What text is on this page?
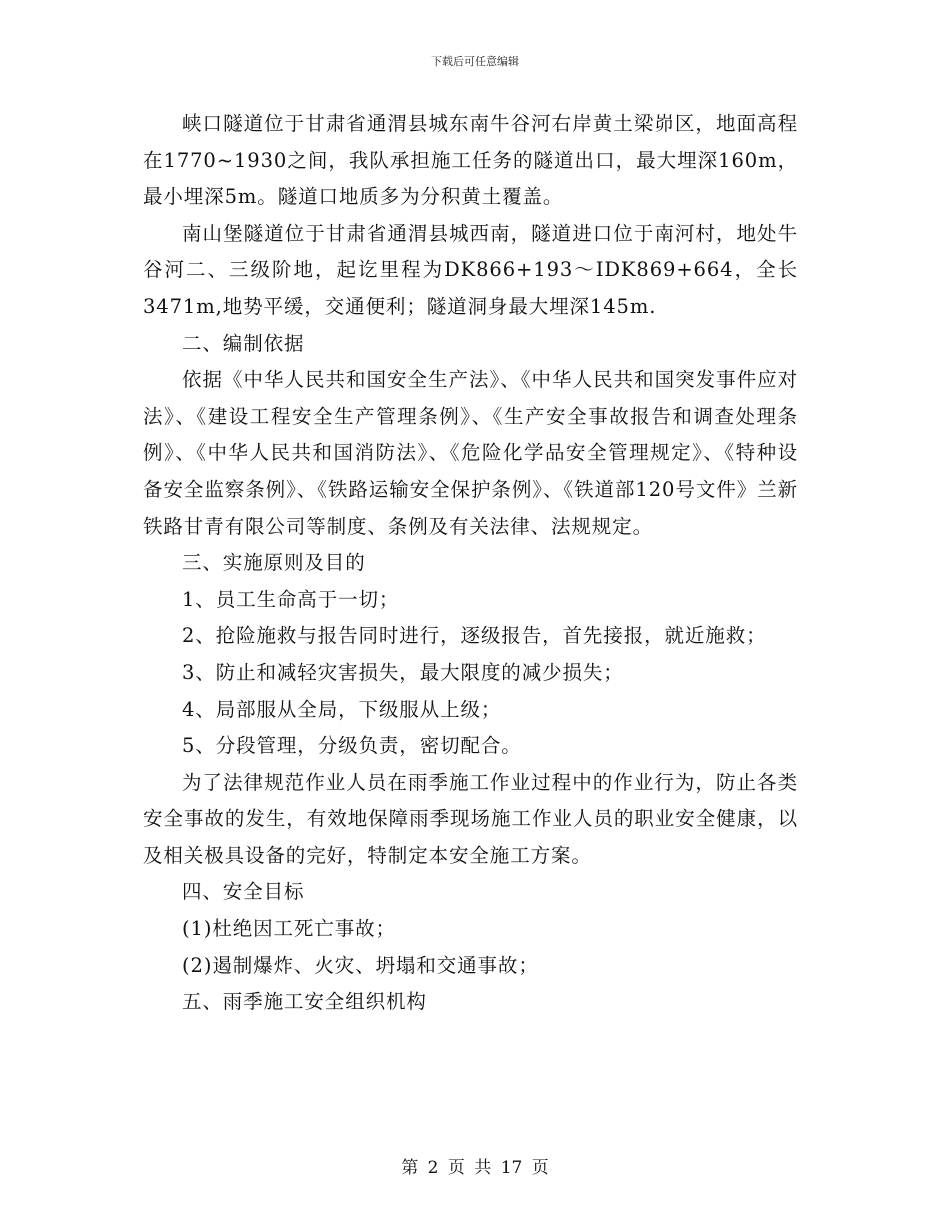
下载后可任意编辑

峡口隧道位于甘肃省通渭县城东南牛谷河右岸黄土梁峁区，地面高程在1770~1930之间，我队承担施工任务的隧道出口，最大埋深160m，最小埋深5m。隧道口地质多为分积黄土覆盖。

南山堡隧道位于甘肃省通渭县城西南，隧道进口位于南河村，地处牛谷河二、三级阶地，起讫里程为DK866+193～IDK869+664，全长3471m,地势平缓，交通便利；隧道洞身最大埋深145m.

二、编制依据

依据《中华人民共和国安全生产法》、《中华人民共和国突发事件应对法》、《建设工程安全生产管理条例》、《生产安全事故报告和调查处理条例》、《中华人民共和国消防法》、《危险化学品安全管理规定》、《特种设备安全监察条例》、《铁路运输安全保护条例》、《铁道部120号文件》兰新铁路甘青有限公司等制度、条例及有关法律、法规规定。

三、实施原则及目的

1、员工生命高于一切；

2、抢险施救与报告同时进行，逐级报告，首先接报，就近施救；

3、防止和减轻灾害损失，最大限度的减少损失；

4、局部服从全局，下级服从上级；

5、分段管理，分级负责，密切配合。

为了法律规范作业人员在雨季施工作业过程中的作业行为，防止各类安全事故的发生，有效地保障雨季现场施工作业人员的职业安全健康，以及相关极具设备的完好，特制定本安全施工方案。

四、安全目标

(1)杜绝因工死亡事故；

(2)遏制爆炸、火灾、坍塌和交通事故；

五、雨季施工安全组织机构

第 2 页 共 17 页
